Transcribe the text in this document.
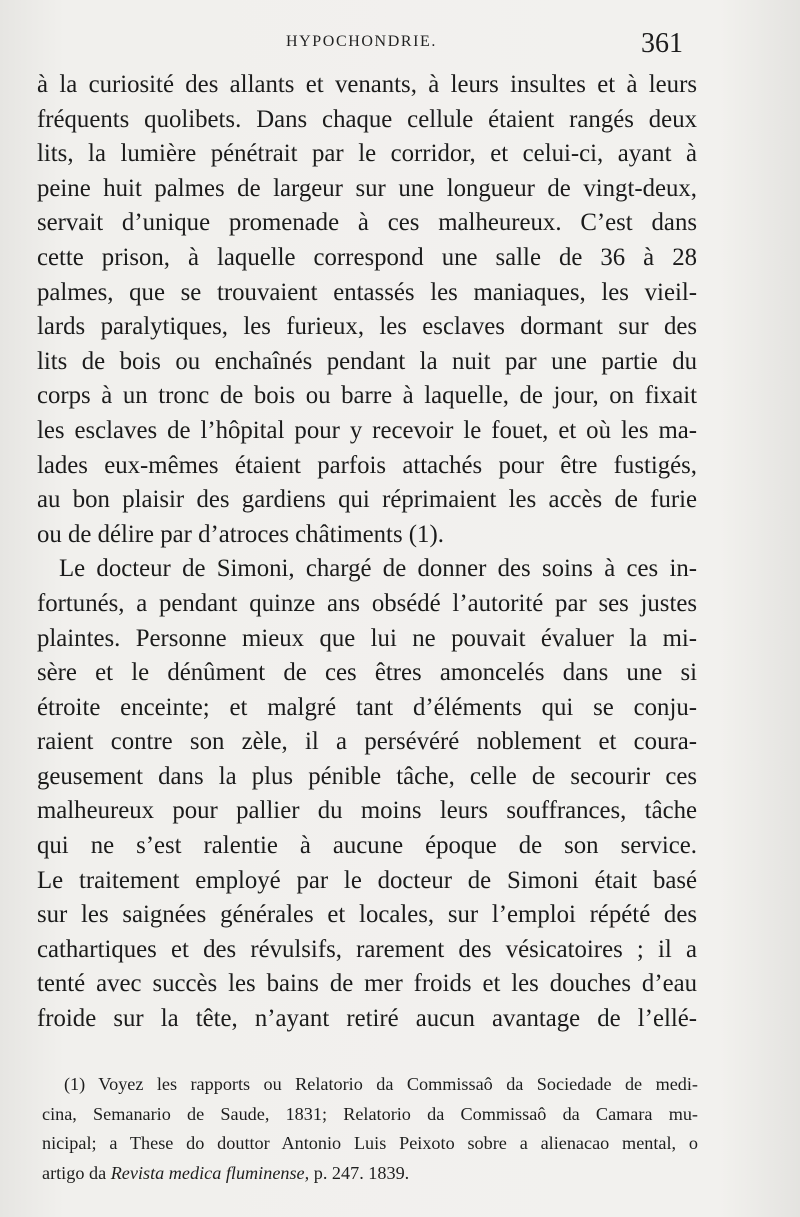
HYPOCHONDRIE.	361
à la curiosité des allants et venants, à leurs insultes et à leurs
fréquents quolibets. Dans chaque cellule étaient rangés deux
lits, la lumière pénétrait par le corridor, et celui-ci, ayant à
peine huit palmes de largeur sur une longueur de vingt-deux,
servait d’unique promenade à ces malheureux. C’est dans
cette prison, à laquelle correspond une salle de 36 à 28
palmes, que se trouvaient entassés les maniaques, les vieil-
lards paralytiques, les furieux, les esclaves dormant sur des
lits de bois ou enchaînés pendant la nuit par une partie du
corps à un tronc de bois ou barre à laquelle, de jour, on fixait
les esclaves de l’hôpital pour y recevoir le fouet, et où les ma-
lades eux-mêmes étaient parfois attachés pour être fustigés,
au bon plaisir des gardiens qui réprimaient les accès de furie
ou de délire par d’atroces châtiments (1).
Le docteur de Simoni, chargé de donner des soins à ces in-
fortunés, a pendant quinze ans obsédé l’autorité par ses justes
plaintes. Personne mieux que lui ne pouvait évaluer la mi-
sère et le dénûment de ces êtres amoncelés dans une si
étroite enceinte; et malgré tant d’éléments qui se conju-
raient contre son zèle, il a persévéré noblement et coura-
geusement dans la plus pénible tâche, celle de secourir ces
malheureux pour pallier du moins leurs souffrances, tâche
qui ne s’est ralentie à aucune époque de son service.
Le traitement employé par le docteur de Simoni était basé
sur les saignées générales et locales, sur l’emploi répété des
cathartiques et des révulsifs, rarement des vésicatoires ; il a
tenté avec succès les bains de mer froids et les douches d’eau
froide sur la tête, n’ayant retiré aucun avantage de l’ellé-
(1) Voyez les rapports ou Relatorio da Commissaô da Sociedade de medi-
cina, Semanario de Saude, 1831; Relatorio da Commissaô da Camara mu-
nicipal; a These do douttor Antonio Luis Peixoto sobre a alienacao mental, o
artigo da Revista medica fluminense, p. 247. 1839.
